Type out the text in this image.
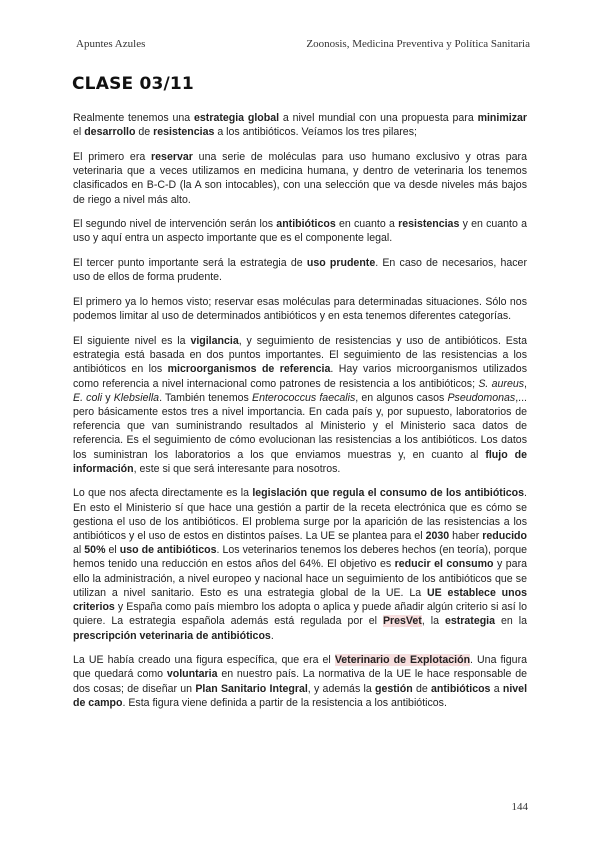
Apuntes Azules	Zoonosis, Medicina Preventiva y Política Sanitaria
CLASE 03/11

Realmente tenemos una estrategia global a nivel mundial con una propuesta para minimizar el desarrollo de resistencias a los antibióticos. Veíamos los tres pilares;

El primero era reservar una serie de moléculas para uso humano exclusivo y otras para veterinaria que a veces utilizamos en medicina humana, y dentro de veterinaria los tenemos clasificados en B-C-D (la A son intocables), con una selección que va desde niveles más bajos de riego a nivel más alto.

El segundo nivel de intervención serán los antibióticos en cuanto a resistencias y en cuanto a uso y aquí entra un aspecto importante que es el componente legal.

El tercer punto importante será la estrategia de uso prudente. En caso de necesarios, hacer uso de ellos de forma prudente.

El primero ya lo hemos visto; reservar esas moléculas para determinadas situaciones. Sólo nos podemos limitar al uso de determinados antibióticos y en esta tenemos diferentes categorías.

El siguiente nivel es la vigilancia, y seguimiento de resistencias y uso de antibióticos. Esta estrategia está basada en dos puntos importantes. El seguimiento de las resistencias a los antibióticos en los microorganismos de referencia. Hay varios microorganismos utilizados como referencia a nivel internacional como patrones de resistencia a los antibióticos; S. aureus, E. coli y Klebsiella. También tenemos Enterococcus faecalis, en algunos casos Pseudomonas,... pero básicamente estos tres a nivel importancia. En cada país y, por supuesto, laboratorios de referencia que van suministrando resultados al Ministerio y el Ministerio saca datos de referencia. Es el seguimiento de cómo evolucionan las resistencias a los antibióticos. Los datos los suministran los laboratorios a los que enviamos muestras y, en cuanto al flujo de información, este si que será interesante para nosotros.

Lo que nos afecta directamente es la legislación que regula el consumo de los antibióticos. En esto el Ministerio sí que hace una gestión a partir de la receta electrónica que es cómo se gestiona el uso de los antibióticos. El problema surge por la aparición de las resistencias a los antibióticos y el uso de estos en distintos países. La UE se plantea para el 2030 haber reducido al 50% el uso de antibióticos. Los veterinarios tenemos los deberes hechos (en teoría), porque hemos tenido una reducción en estos años del 64%. El objetivo es reducir el consumo y para ello la administración, a nivel europeo y nacional hace un seguimiento de los antibióticos que se utilizan a nivel sanitario. Esto es una estrategia global de la UE. La UE establece unos criterios y España como país miembro los adopta o aplica y puede añadir algún criterio si así lo quiere. La estrategia española además está regulada por el PresVet, la estrategia en la prescripción veterinaria de antibióticos.

La UE había creado una figura específica, que era el Veterinario de Explotación. Una figura que quedará como voluntaria en nuestro país. La normativa de la UE le hace responsable de dos cosas; de diseñar un Plan Sanitario Integral, y además la gestión de antibióticos a nivel de campo. Esta figura viene definida a partir de la resistencia a los antibióticos.

144
